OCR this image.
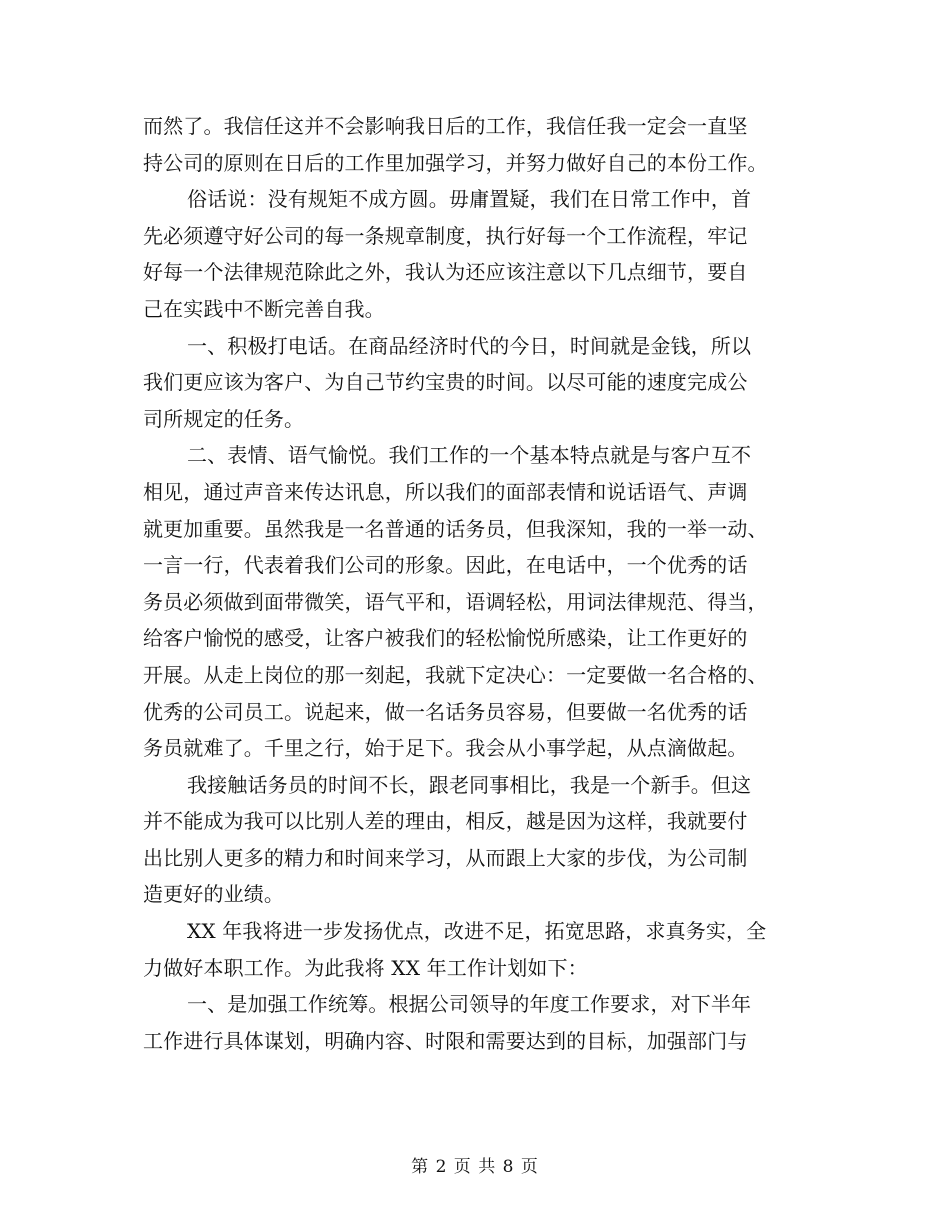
而然了。我信任这并不会影响我日后的工作，我信任我一定会一直坚
持公司的原则在日后的工作里加强学习，并努力做好自己的本份工作。
俗话说：没有规矩不成方圆。毋庸置疑，我们在日常工作中，首
先必须遵守好公司的每一条规章制度，执行好每一个工作流程，牢记
好每一个法律规范除此之外，我认为还应该注意以下几点细节，要自
己在实践中不断完善自我。
一、积极打电话。在商品经济时代的今日，时间就是金钱，所以
我们更应该为客户、为自己节约宝贵的时间。以尽可能的速度完成公
司所规定的任务。
二、表情、语气愉悦。我们工作的一个基本特点就是与客户互不
相见，通过声音来传达讯息，所以我们的面部表情和说话语气、声调
就更加重要。虽然我是一名普通的话务员，但我深知，我的一举一动、
一言一行，代表着我们公司的形象。因此，在电话中，一个优秀的话
务员必须做到面带微笑，语气平和，语调轻松，用词法律规范、得当，
给客户愉悦的感受，让客户被我们的轻松愉悦所感染，让工作更好的
开展。从走上岗位的那一刻起，我就下定决心：一定要做一名合格的、
优秀的公司员工。说起来，做一名话务员容易，但要做一名优秀的话
务员就难了。千里之行，始于足下。我会从小事学起，从点滴做起。
我接触话务员的时间不长，跟老同事相比，我是一个新手。但这
并不能成为我可以比别人差的理由，相反，越是因为这样，我就要付
出比别人更多的精力和时间来学习，从而跟上大家的步伐，为公司制
造更好的业绩。
XX 年我将进一步发扬优点，改进不足，拓宽思路，求真务实，全
力做好本职工作。为此我将 XX 年工作计划如下：
一、是加强工作统筹。根据公司领导的年度工作要求，对下半年
工作进行具体谋划，明确内容、时限和需要达到的目标，加强部门与
第 2 页 共 8 页
